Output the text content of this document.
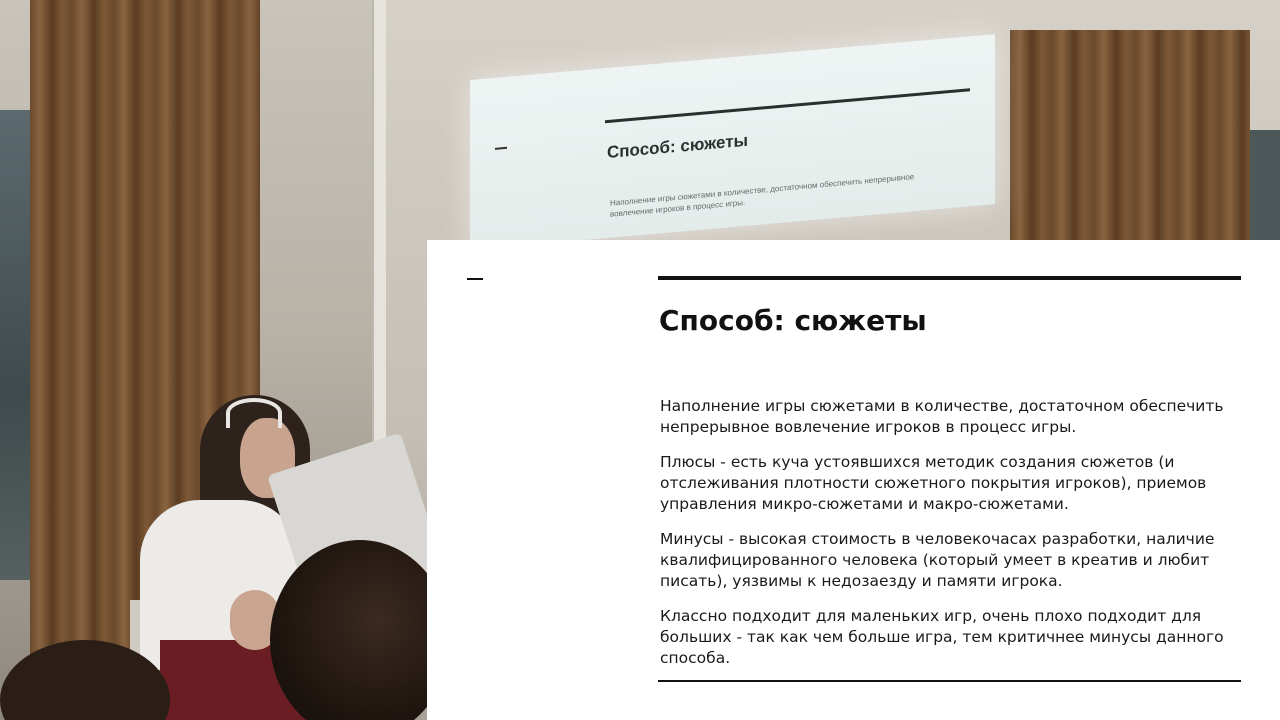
Способ: сюжеты
Наполнение игры сюжетами в количестве, достаточном обеспечить непрерывное вовлечение игроков в процесс игры.
Способ: сюжеты

Наполнение игры сюжетами в количестве, достаточном обеспечить непрерывное вовлечение игроков в процесс игры.

Плюсы - есть куча устоявшихся методик создания сюжетов (и отслеживания плотности сюжетного покрытия игроков), приемов управления микро-сюжетами и макро-сюжетами.

Минусы - высокая стоимость в человекочасах разработки, наличие квалифицированного человека (который умеет в креатив и любит писать), уязвимы к недозаезду и памяти игрока.

Классно подходит для маленьких игр, очень плохо подходит для больших - так как чем больше игра, тем критичнее минусы данного способа.
